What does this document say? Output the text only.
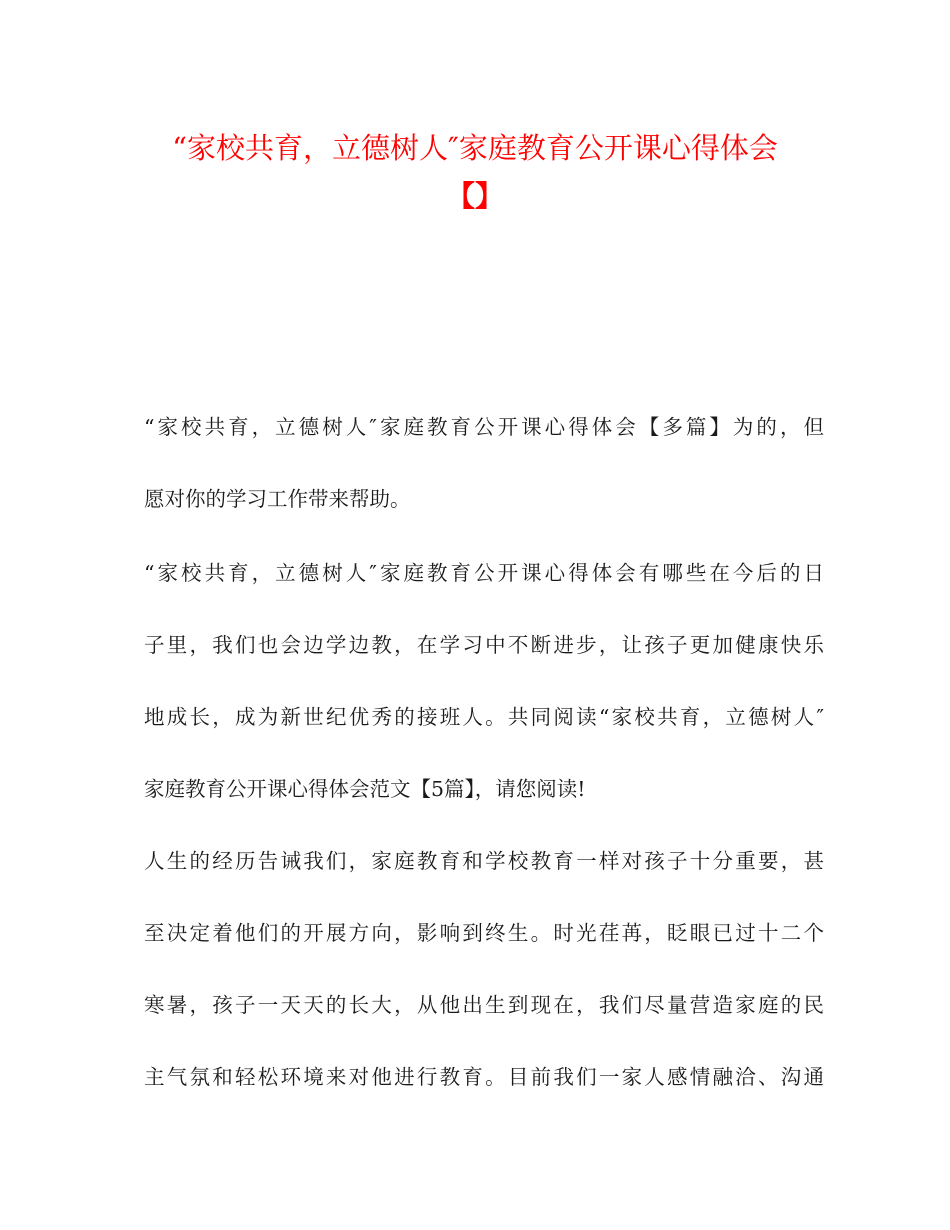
“家校共育，立德树人″家庭教育公开课心得体会
【】
“家校共育，立德树人″家庭教育公开课心得体会【多篇】为的，但
愿对你的学习工作带来帮助。
“家校共育，立德树人″家庭教育公开课心得体会有哪些在今后的日
子里，我们也会边学边教，在学习中不断进步，让孩子更加健康快乐
地成长，成为新世纪优秀的接班人。共同阅读“家校共育，立德树人″
家庭教育公开课心得体会范文【5篇】，请您阅读!
人生的经历告诫我们，家庭教育和学校教育一样对孩子十分重要，甚
至决定着他们的开展方向，影响到终生。时光荏苒，眨眼已过十二个
寒暑，孩子一天天的长大，从他出生到现在，我们尽量营造家庭的民
主气氛和轻松环境来对他进行教育。目前我们一家人感情融洽、沟通
